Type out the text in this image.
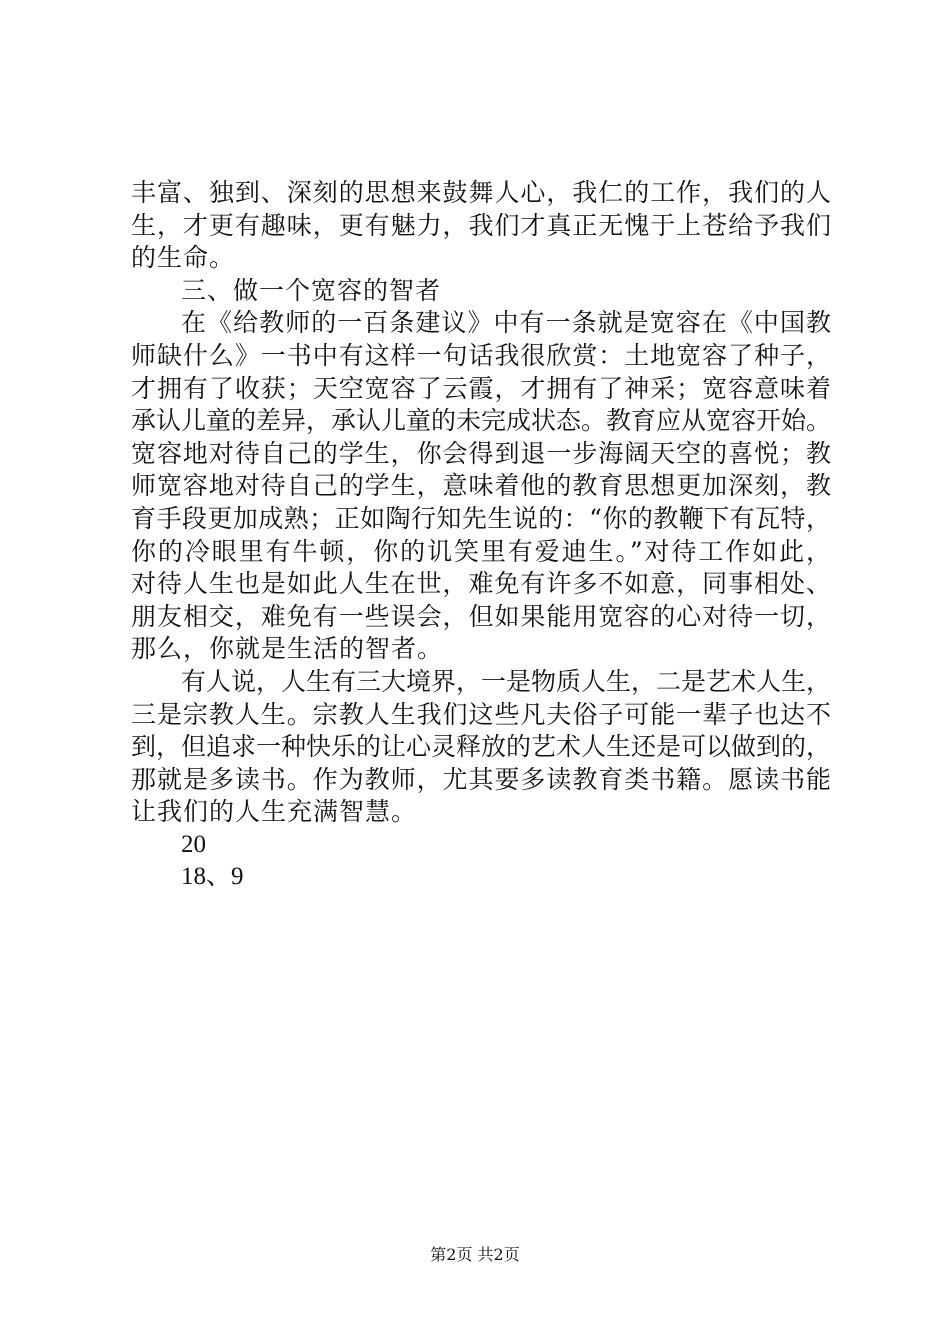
丰富、独到、深刻的思想来鼓舞人心，我仁的工作，我们的人
生，才更有趣味，更有魅力，我们才真正无愧于上苍给予我们
的生命。
三、做一个宽容的智者
在《给教师的一百条建议》中有一条就是宽容在《中国教
师缺什么》一书中有这样一句话我很欣赏：土地宽容了种子，
才拥有了收获；天空宽容了云霞，才拥有了神采；宽容意味着
承认儿童的差异，承认儿童的未完成状态。教育应从宽容开始。
宽容地对待自己的学生，你会得到退一步海阔天空的喜悦；教
师宽容地对待自己的学生，意味着他的教育思想更加深刻，教
育手段更加成熟；正如陶行知先生说的：“你的教鞭下有瓦特，
你的冷眼里有牛顿，你的讥笑里有爱迪生。”对待工作如此，
对待人生也是如此人生在世，难免有许多不如意，同事相处、
朋友相交，难免有一些误会，但如果能用宽容的心对待一切，
那么，你就是生活的智者。
有人说，人生有三大境界，一是物质人生，二是艺术人生，
三是宗教人生。宗教人生我们这些凡夫俗子可能一辈子也达不
到，但追求一种快乐的让心灵释放的艺术人生还是可以做到的，
那就是多读书。作为教师，尤其要多读教育类书籍。愿读书能
让我们的人生充满智慧。
20
18、9
第2页 共2页
